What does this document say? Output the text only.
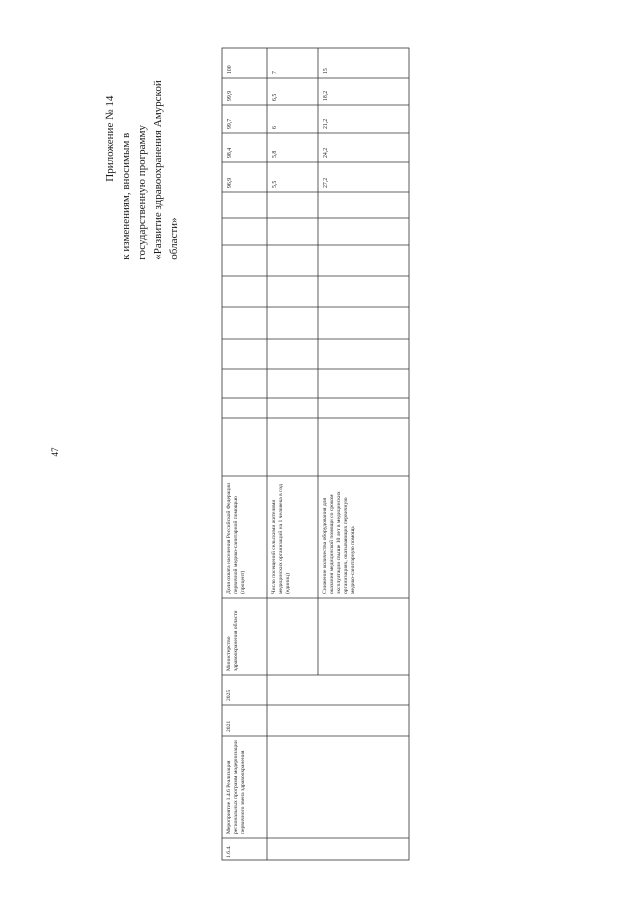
47
Приложение № 14 к изменениям, вносимым в государственную программу «Развитие здравоохранения Амурской области»
1.6.4.
Мероприятие 1.4.6 Реализация региональных программ модернизации первичного звена здравоохранения
2021
2025
Министерство здравоохранения области
Доля охвата населения Российской Федерации первичной медико-санитарной помощью (процент)	Число посещений сельскими жителями медицинских организаций на 1 человека в год (единиц)	Снижение количества оборудования для оказания медицинской помощи со сроком эксплуатации свыше 10 лет в медицинских организациях, оказывающих первичную медико-санитарную помощь
96,9
98,4
99,7
99,9
100
5,5
5,8
6
6,5
7
27,2
24,2
21,2
18,2
15
